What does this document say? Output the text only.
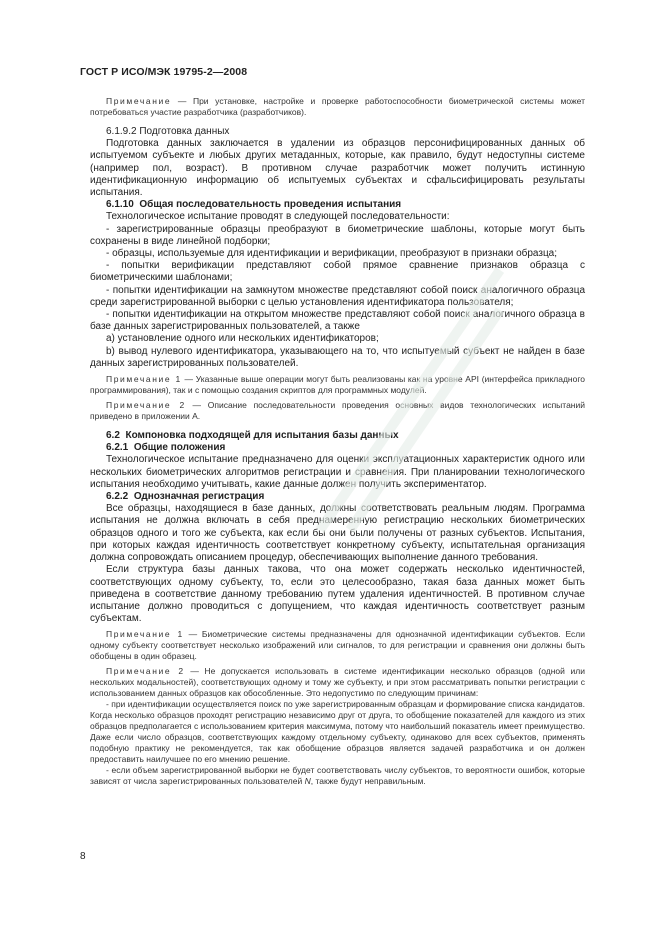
ГОСТ Р ИСО/МЭК 19795-2—2008

Примечание — При установке, настройке и проверке работоспособности биометрической системы может потребоваться участие разработчика (разработчиков).

6.1.9.2 Подготовка данных

Подготовка данных заключается в удалении из образцов персонифицированных данных об испытуемом субъекте и любых других метаданных, которые, как правило, будут недоступны системе (например пол, возраст). В противном случае разработчик может получить истинную идентификационную информацию об испытуемых субъектах и сфальсифицировать результаты испытания.

6.1.10 Общая последовательность проведения испытания

Технологическое испытание проводят в следующей последовательности:

- зарегистрированные образцы преобразуют в биометрические шаблоны, которые могут быть сохранены в виде линейной подборки;

- образцы, используемые для идентификации и верификации, преобразуют в признаки образца;

- попытки верификации представляют собой прямое сравнение признаков образца с биометрическими шаблонами;

- попытки идентификации на замкнутом множестве представляют собой поиск аналогичного образца среди зарегистрированной выборки с целью установления идентификатора пользователя;

- попытки идентификации на открытом множестве представляют собой поиск аналогичного образца в базе данных зарегистрированных пользователей, а также

а) установление одного или нескольких идентификаторов;

b) вывод нулевого идентификатора, указывающего на то, что испытуемый субъект не найден в базе данных зарегистрированных пользователей.

Примечание 1 — Указанные выше операции могут быть реализованы как на уровне API (интерфейса прикладного программирования), так и с помощью создания скриптов для программных модулей.

Примечание 2 — Описание последовательности проведения основных видов технологических испытаний приведено в приложении А.

6.2 Компоновка подходящей для испытания базы данных

6.2.1 Общие положения

Технологическое испытание предназначено для оценки эксплуатационных характеристик одного или нескольких биометрических алгоритмов регистрации и сравнения. При планировании технологического испытания необходимо учитывать, какие данные должен получить экспериментатор.

6.2.2 Однозначная регистрация

Все образцы, находящиеся в базе данных, должны соответствовать реальным людям. Программа испытания не должна включать в себя преднамеренную регистрацию нескольких биометрических образцов одного и того же субъекта, как если бы они были получены от разных субъектов. Испытания, при которых каждая идентичность соответствует конкретному субъекту, испытательная организация должна сопровождать описанием процедур, обеспечивающих выполнение данного требования.

Если структура базы данных такова, что она может содержать несколько идентичностей, соответствующих одному субъекту, то, если это целесообразно, такая база данных может быть приведена в соответствие данному требованию путем удаления идентичностей. В противном случае испытание должно проводиться с допущением, что каждая идентичность соответствует разным субъектам.

Примечание 1 — Биометрические системы предназначены для однозначной идентификации субъектов. Если одному субъекту соответствует несколько изображений или сигналов, то для регистрации и сравнения они должны быть обобщены в один образец.

Примечание 2 — Не допускается использовать в системе идентификации несколько образцов (одной или нескольких модальностей), соответствующих одному и тому же субъекту, и при этом рассматривать попытки регистрации с использованием данных образцов как обособленные. Это недопустимо по следующим причинам:

- при идентификации осуществляется поиск по уже зарегистрированным образцам и формирование списка кандидатов. Когда несколько образцов проходят регистрацию независимо друг от друга, то обобщение показателей для каждого из этих образцов предполагается с использованием критерия максимума, потому что наибольший показатель имеет преимущество. Даже если число образцов, соответствующих каждому отдельному субъекту, одинаково для всех субъектов, применять подобную практику не рекомендуется, так как обобщение образцов является задачей разработчика и он должен предоставить наилучшее по его мнению решение.

- если объем зарегистрированной выборки не будет соответствовать числу субъектов, то вероятности ошибок, которые зависят от числа зарегистрированных пользователей N, также будут неправильным.

8
